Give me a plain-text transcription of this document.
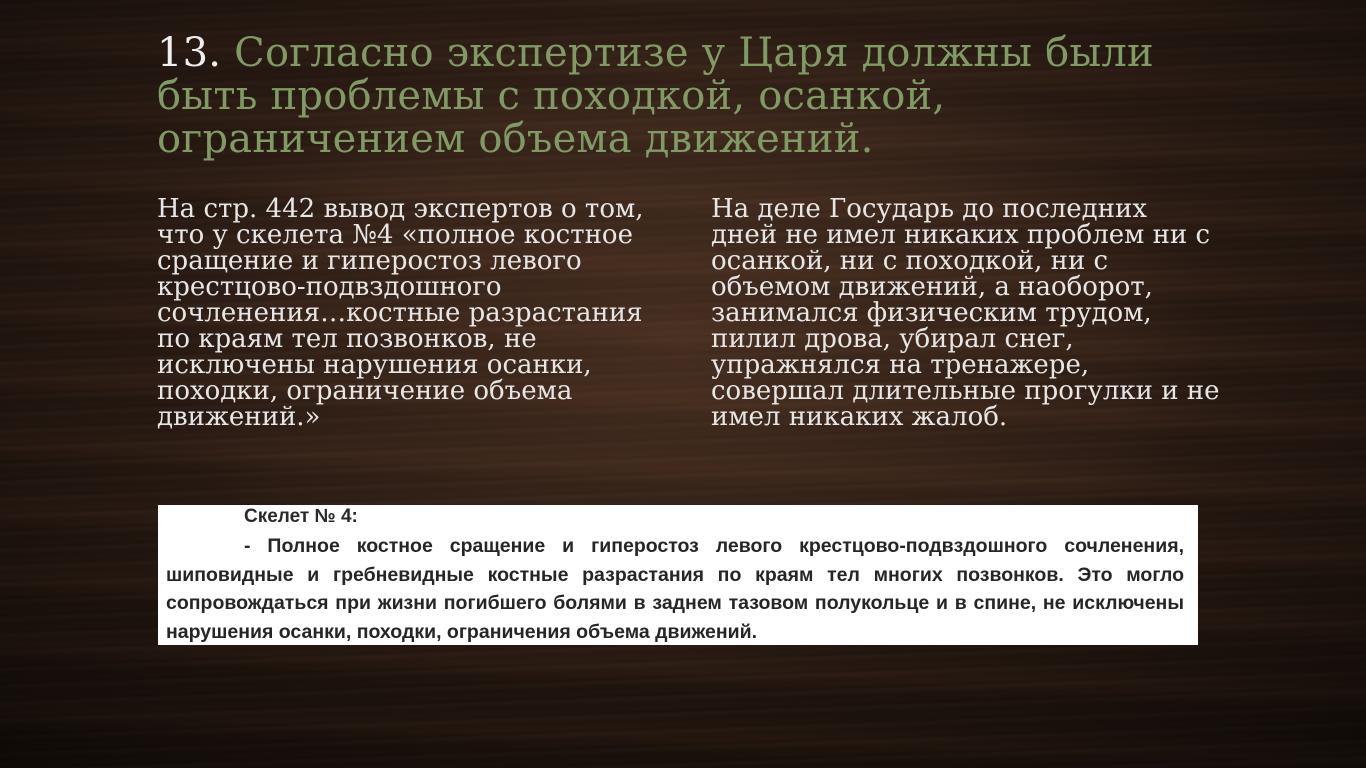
13. Согласно экспертизе у Царя должны были быть проблемы с походкой, осанкой, ограничением объема движений.

На стр. 442 вывод экспертов о том, что у скелета №4 «полное костное сращение и гиперостоз левого крестцово-подвздошного сочленения…костные разрастания по краям тел позвонков, не исключены нарушения осанки, походки, ограничение объема движений.»

На деле Государь до последних дней не имел никаких проблем ни с осанкой, ни с походкой, ни с объемом движений, а наоборот, занимался физическим трудом, пилил дрова, убирал снег, упражнялся на тренажере, совершал длительные прогулки и не имел никаких жалоб.

Скелет № 4:
- Полное костное сращение и гиперостоз левого крестцово-подвздошного сочленения, шиповидные и гребневидные костные разрастания по краям тел многих позвонков. Это могло сопровождаться при жизни погибшего болями в заднем тазовом полукольце и в спине, не исключены нарушения осанки, походки, ограничения объема движений.
